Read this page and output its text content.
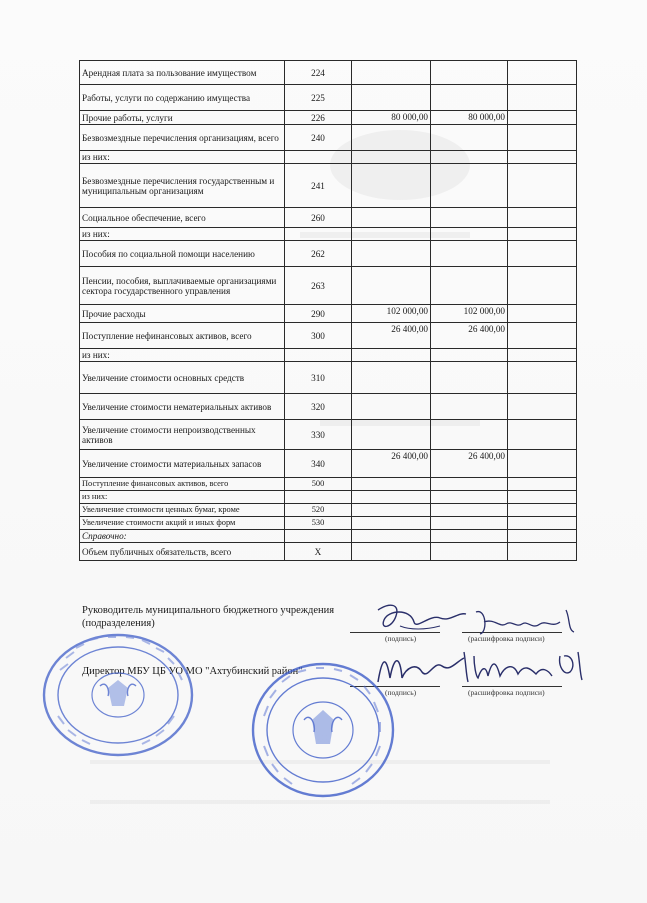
Арендная плата за пользование имуществом	224			
Работы, услуги по содержанию имущества	225			
Прочие работы, услуги	226	80 000,00	80 000,00	
Безвозмездные перечисления организациям, всего	240			
из них:				
Безвозмездные перечисления государственным и муниципальным организациям	241			
Социальное обеспечение, всего	260			
из них:				
Пособия по социальной помощи населению	262			
Пенсии, пособия, выплачиваемые организациями сектора государственного управления	263			
Прочие расходы	290	102 000,00	102 000,00	
Поступление нефинансовых активов, всего	300	26 400,00	26 400,00	
из них:				
Увеличение стоимости основных средств	310			
Увеличение стоимости нематериальных активов	320			
Увеличение стоимости непроизводственных активов	330			
Увеличение стоимости материальных запасов	340	26 400,00	26 400,00	
Поступление финансовых активов, всего	500			
из них:				
Увеличение стоимости ценных бумаг, кроме	520			
Увеличение стоимости акций и иных форм	530			
Справочно:				
Объем публичных обязательств, всего	X			
Руководитель муниципального бюджетного учреждения (подразделения)
(подпись)	(расшифровка подписи)
Директор МБУ ЦБ УО МО "Ахтубинский район"
(подпись)	(расшифровка подписи)
